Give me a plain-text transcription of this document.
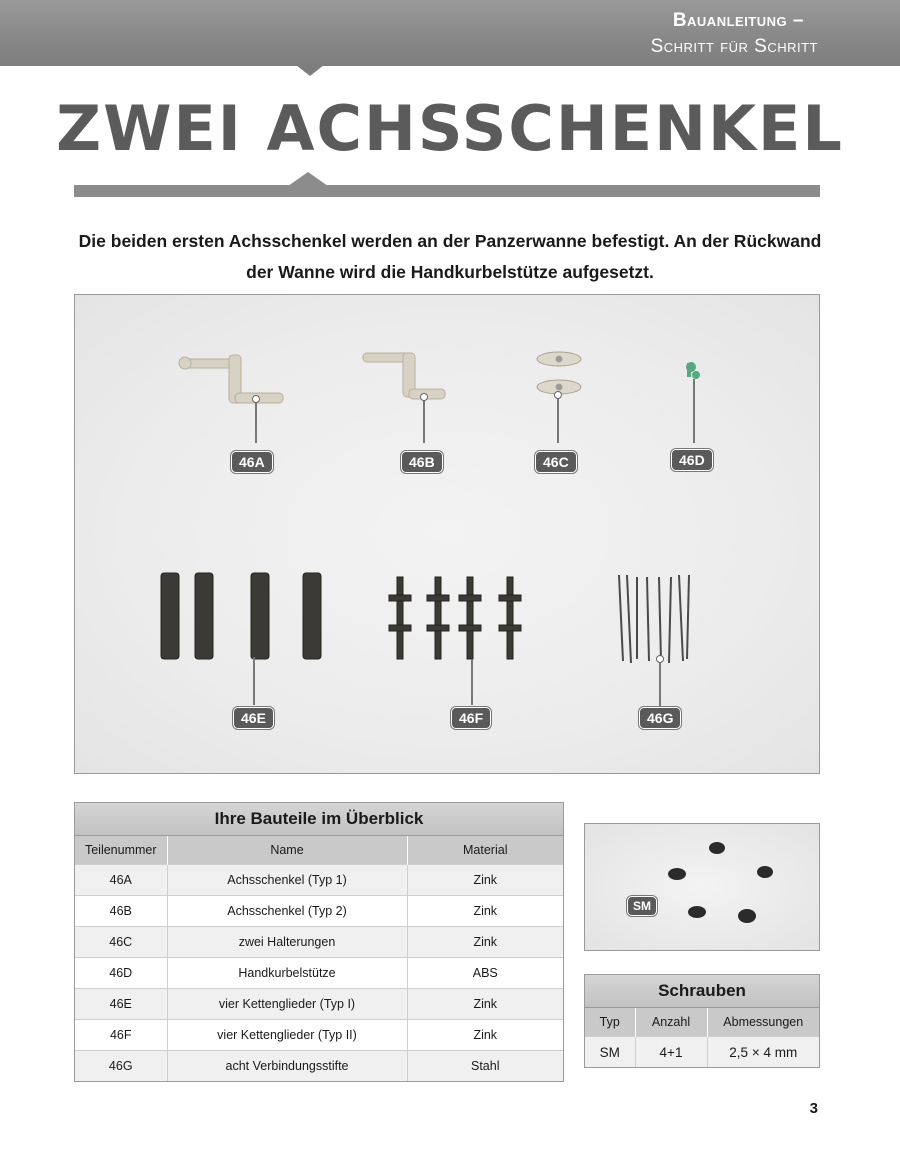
Bauanleitung –
Schritt für Schritt
ZWEI ACHSSCHENKEL
Die beiden ersten Achsschenkel werden an der Panzerwanne befestigt. An der Rückwand der Wanne wird die Handkurbelstütze aufgesetzt.
46A	46B	46C	46D
46E	46F	46G
Ihre Bauteile im Überblick
Teilenummer	Name	Material
46A	Achsschenkel (Typ 1)	Zink
46B	Achsschenkel (Typ 2)	Zink
46C	zwei Halterungen	Zink
46D	Handkurbelstütze	ABS
46E	vier Kettenglieder (Typ I)	Zink
46F	vier Kettenglieder (Typ II)	Zink
46G	acht Verbindungsstifte	Stahl
SM
Schrauben
Typ	Anzahl	Abmessungen
SM	4+1	2,5 × 4 mm
3
